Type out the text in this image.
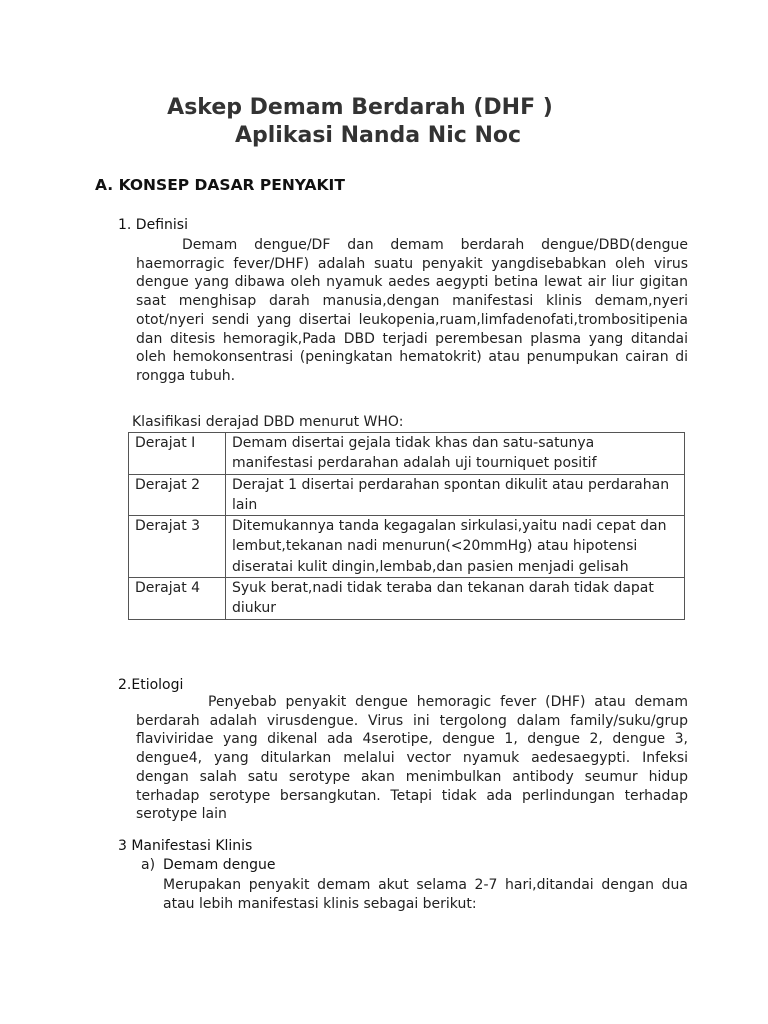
Askep Demam Berdarah (DHF )
Aplikasi Nanda Nic Noc
A. KONSEP DASAR PENYAKIT

1. Definisi

Demam dengue/DF dan demam berdarah dengue/DBD(dengue haemorragic fever/DHF) adalah suatu penyakit yangdisebabkan oleh virus dengue yang dibawa oleh nyamuk aedes aegypti betina lewat air liur gigitan saat menghisap darah manusia,dengan manifestasi klinis demam,nyeri otot/nyeri sendi yang disertai leukopenia,ruam,limfadenofati,trombositipenia dan ditesis hemoragik,Pada DBD terjadi perembesan plasma yang ditandai oleh hemokonsentrasi (peningkatan hematokrit) atau penumpukan cairan di rongga tubuh.

Klasifikasi derajad DBD menurut WHO:

Derajat I	Demam disertai gejala tidak khas dan satu-satunya manifestasi perdarahan adalah uji tourniquet positif
Derajat 2	Derajat 1 disertai perdarahan spontan dikulit atau perdarahan lain
Derajat 3	Ditemukannya tanda kegagalan sirkulasi,yaitu nadi cepat dan lembut,tekanan nadi menurun(<20mmHg) atau hipotensi diseratai kulit dingin,lembab,dan pasien menjadi gelisah
Derajat 4	Syuk berat,nadi tidak teraba dan tekanan darah tidak dapat diukur

2.Etiologi

Penyebab penyakit dengue hemoragic fever (DHF) atau demam berdarah adalah virusdengue. Virus ini tergolong dalam family/suku/grup flaviviridae yang dikenal ada 4serotipe, dengue 1, dengue 2, dengue 3, dengue4, yang ditularkan melalui vector nyamuk aedesaegypti. Infeksi dengan salah satu serotype akan menimbulkan antibody seumur hidup terhadap serotype bersangkutan. Tetapi tidak ada perlindungan terhadap serotype lain

3 Manifestasi Klinis

a) Demam dengue

Merupakan penyakit demam akut selama 2-7 hari,ditandai dengan dua atau lebih manifestasi klinis sebagai berikut:
